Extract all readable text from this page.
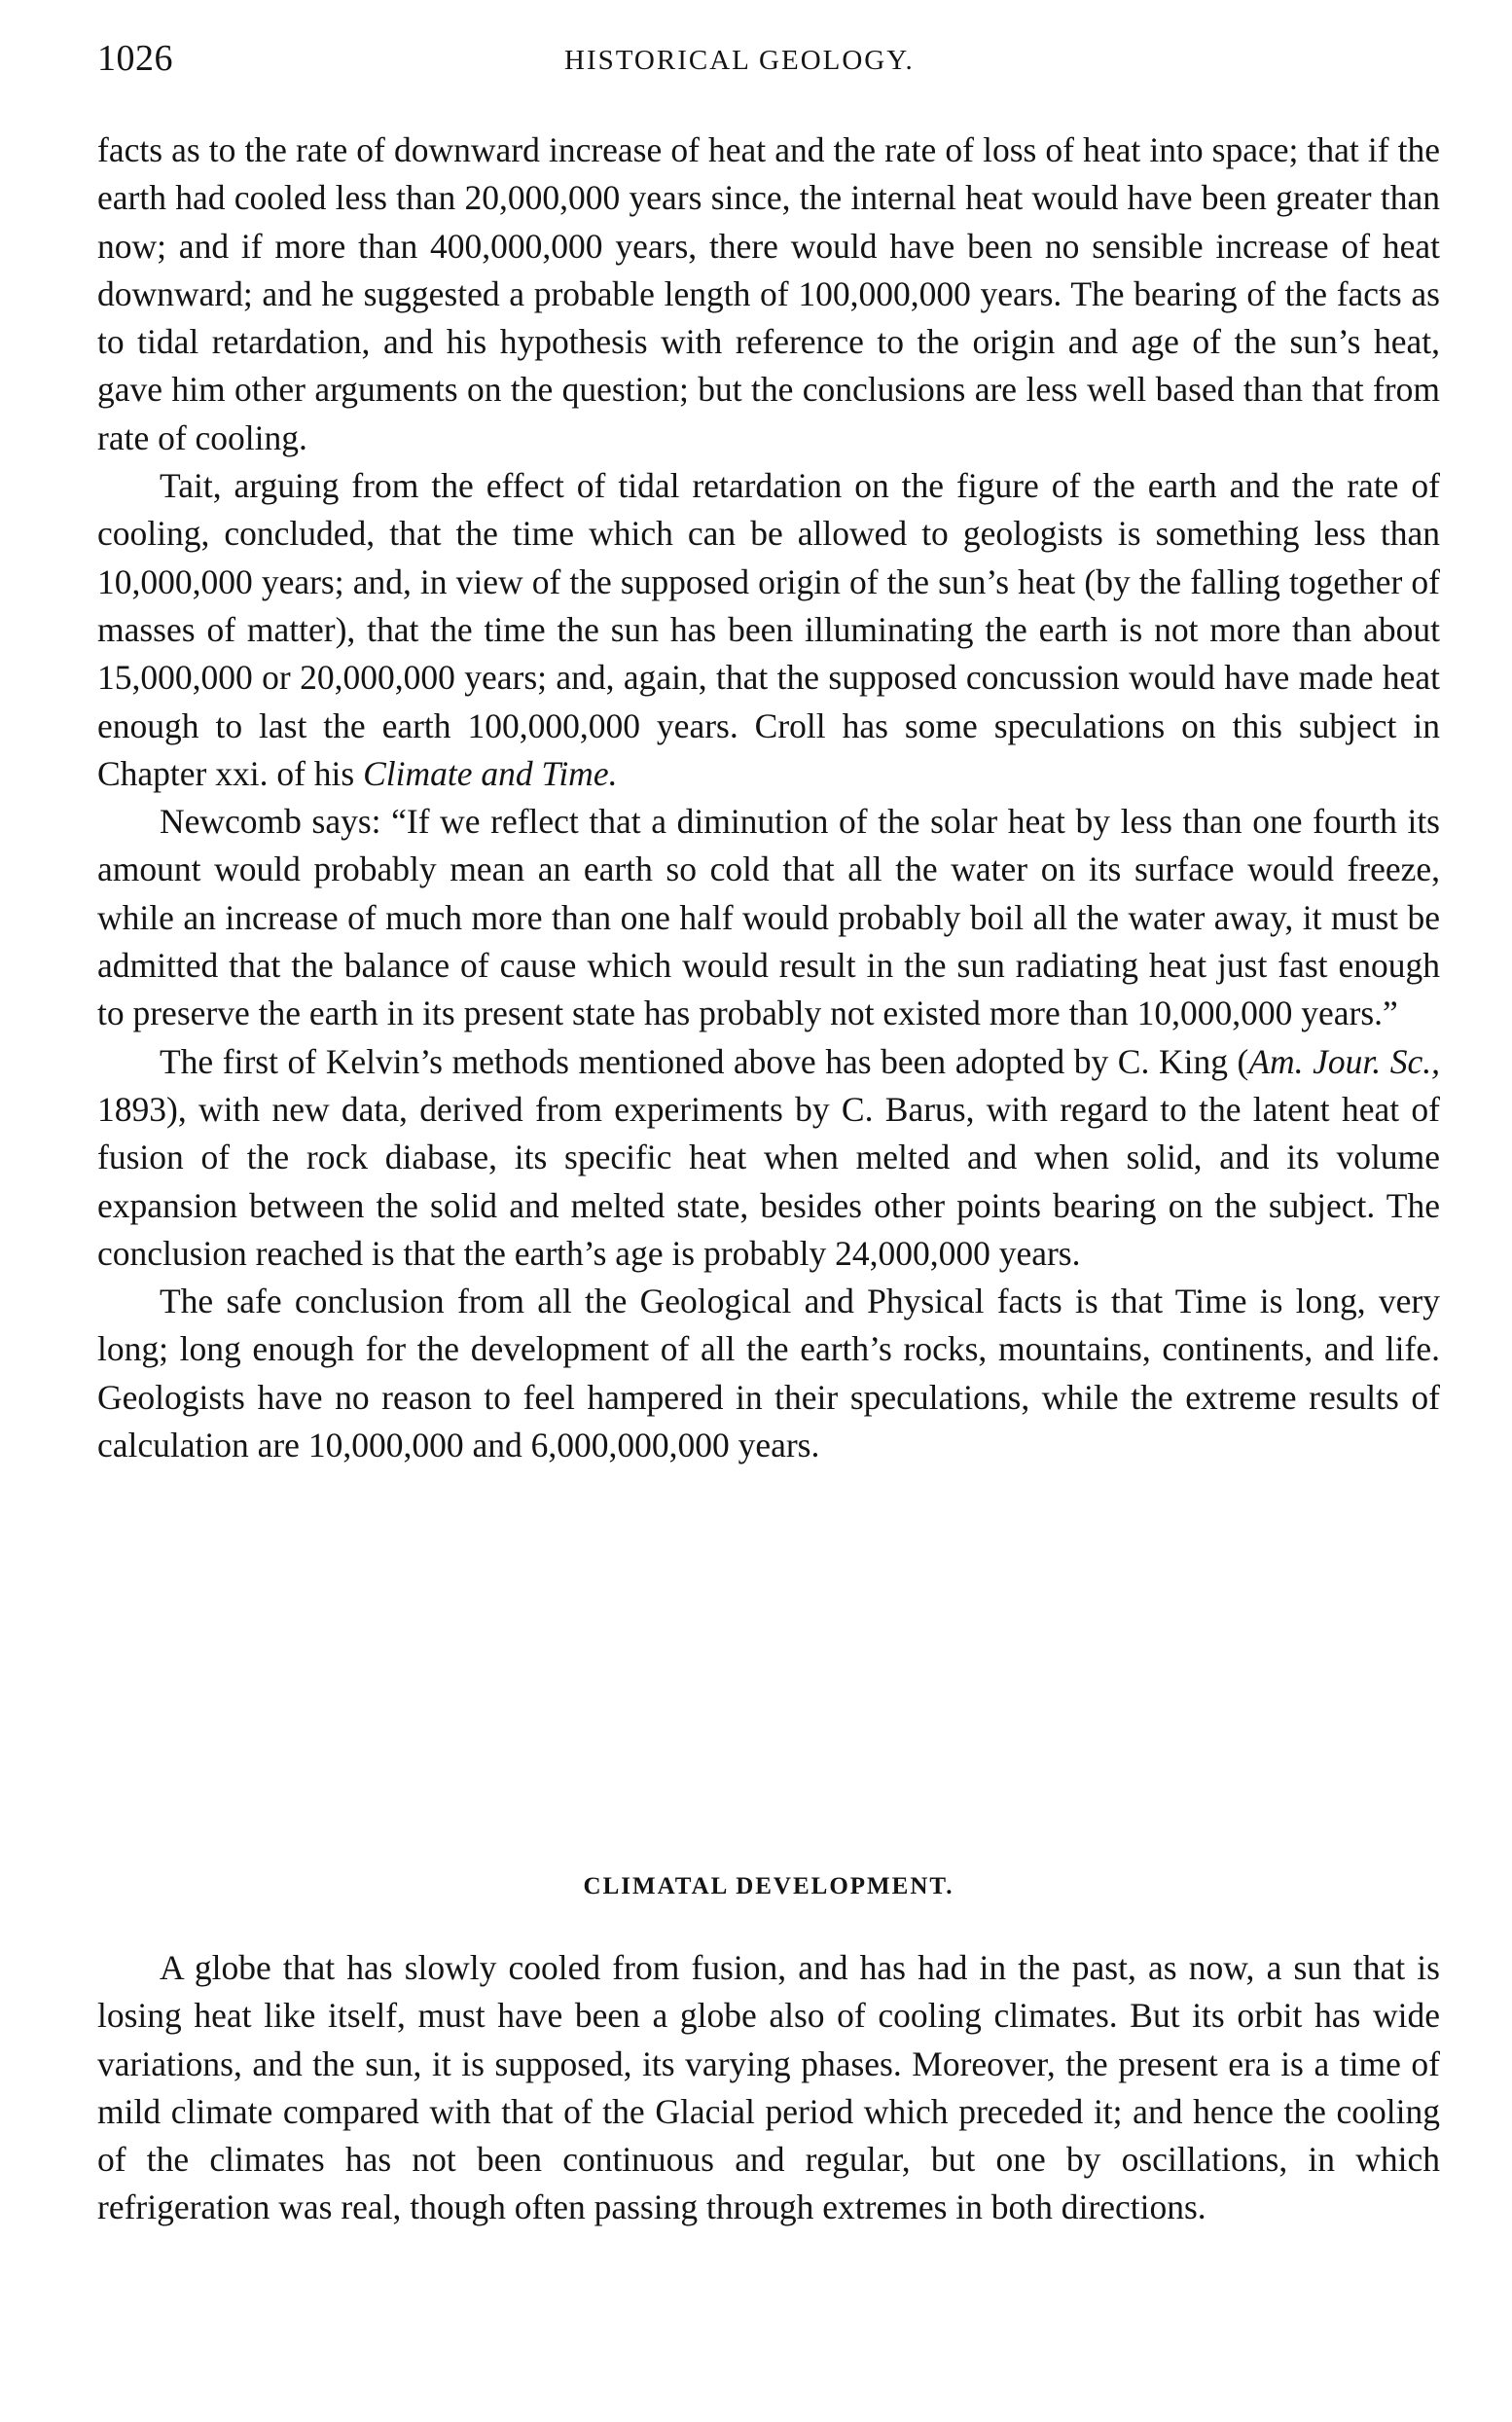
1026	HISTORICAL GEOLOGY.

facts as to the rate of downward increase of heat and the rate of loss of heat into space; that if the earth had cooled less than 20,000,000 years since, the internal heat would have been greater than now; and if more than 400,000,000 years, there would have been no sensible increase of heat downward; and he suggested a probable length of 100,000,000 years. The bearing of the facts as to tidal retardation, and his hypothesis with reference to the origin and age of the sun’s heat, gave him other arguments on the question; but the conclusions are less well based than that from rate of cooling.

Tait, arguing from the effect of tidal retardation on the figure of the earth and the rate of cooling, concluded, that the time which can be allowed to geologists is something less than 10,000,000 years; and, in view of the supposed origin of the sun’s heat (by the falling together of masses of matter), that the time the sun has been illuminating the earth is not more than about 15,000,000 or 20,000,000 years; and, again, that the supposed concussion would have made heat enough to last the earth 100,000,000 years. Croll has some speculations on this subject in Chapter xxi. of his Climate and Time.

Newcomb says: “If we reflect that a diminution of the solar heat by less than one fourth its amount would probably mean an earth so cold that all the water on its surface would freeze, while an increase of much more than one half would probably boil all the water away, it must be admitted that the balance of cause which would result in the sun radiating heat just fast enough to preserve the earth in its present state has probably not existed more than 10,000,000 years.”

The first of Kelvin’s methods mentioned above has been adopted by C. King (Am. Jour. Sc., 1893), with new data, derived from experiments by C. Barus, with regard to the latent heat of fusion of the rock diabase, its specific heat when melted and when solid, and its volume expansion between the solid and melted state, besides other points bearing on the subject. The conclusion reached is that the earth’s age is probably 24,000,000 years.

The safe conclusion from all the Geological and Physical facts is that Time is long, very long; long enough for the development of all the earth’s rocks, mountains, continents, and life. Geologists have no reason to feel hampered in their speculations, while the extreme results of calculation are 10,000,000 and 6,000,000,000 years.

CLIMATAL DEVELOPMENT.

A globe that has slowly cooled from fusion, and has had in the past, as now, a sun that is losing heat like itself, must have been a globe also of cooling climates. But its orbit has wide variations, and the sun, it is supposed, its varying phases. Moreover, the present era is a time of mild climate compared with that of the Glacial period which preceded it; and hence the cooling of the climates has not been continuous and regular, but one by oscillations, in which refrigeration was real, though often passing through extremes in both directions.
